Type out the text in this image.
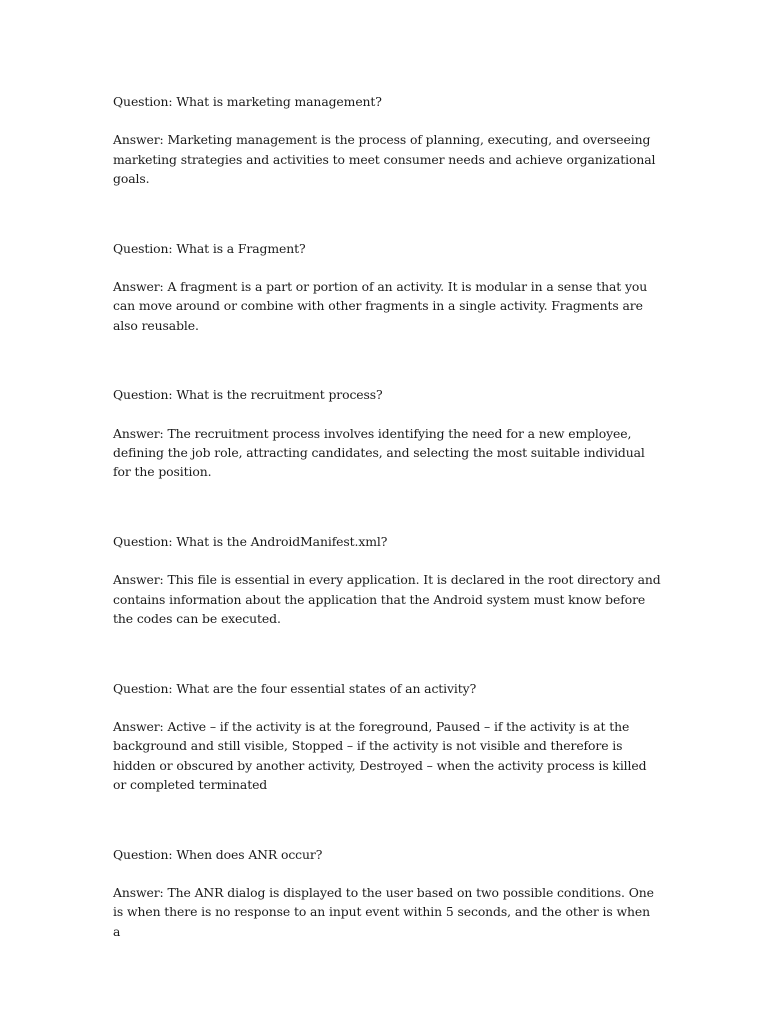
Question: What is marketing management?

Answer: Marketing management is the process of planning, executing, and overseeing marketing strategies and activities to meet consumer needs and achieve organizational goals.

Question: What is a Fragment?

Answer: A fragment is a part or portion of an activity. It is modular in a sense that you can move around or combine with other fragments in a single activity. Fragments are also reusable.

Question: What is the recruitment process?

Answer: The recruitment process involves identifying the need for a new employee, defining the job role, attracting candidates, and selecting the most suitable individual for the position.

Question: What is the AndroidManifest.xml?

Answer: This file is essential in every application. It is declared in the root directory and contains information about the application that the Android system must know before the codes can be executed.

Question: What are the four essential states of an activity?

Answer: Active – if the activity is at the foreground, Paused – if the activity is at the background and still visible, Stopped – if the activity is not visible and therefore is hidden or obscured by another activity, Destroyed – when the activity process is killed or completed terminated

Question: When does ANR occur?

Answer: The ANR dialog is displayed to the user based on two possible conditions. One is when there is no response to an input event within 5 seconds, and the other is when a
